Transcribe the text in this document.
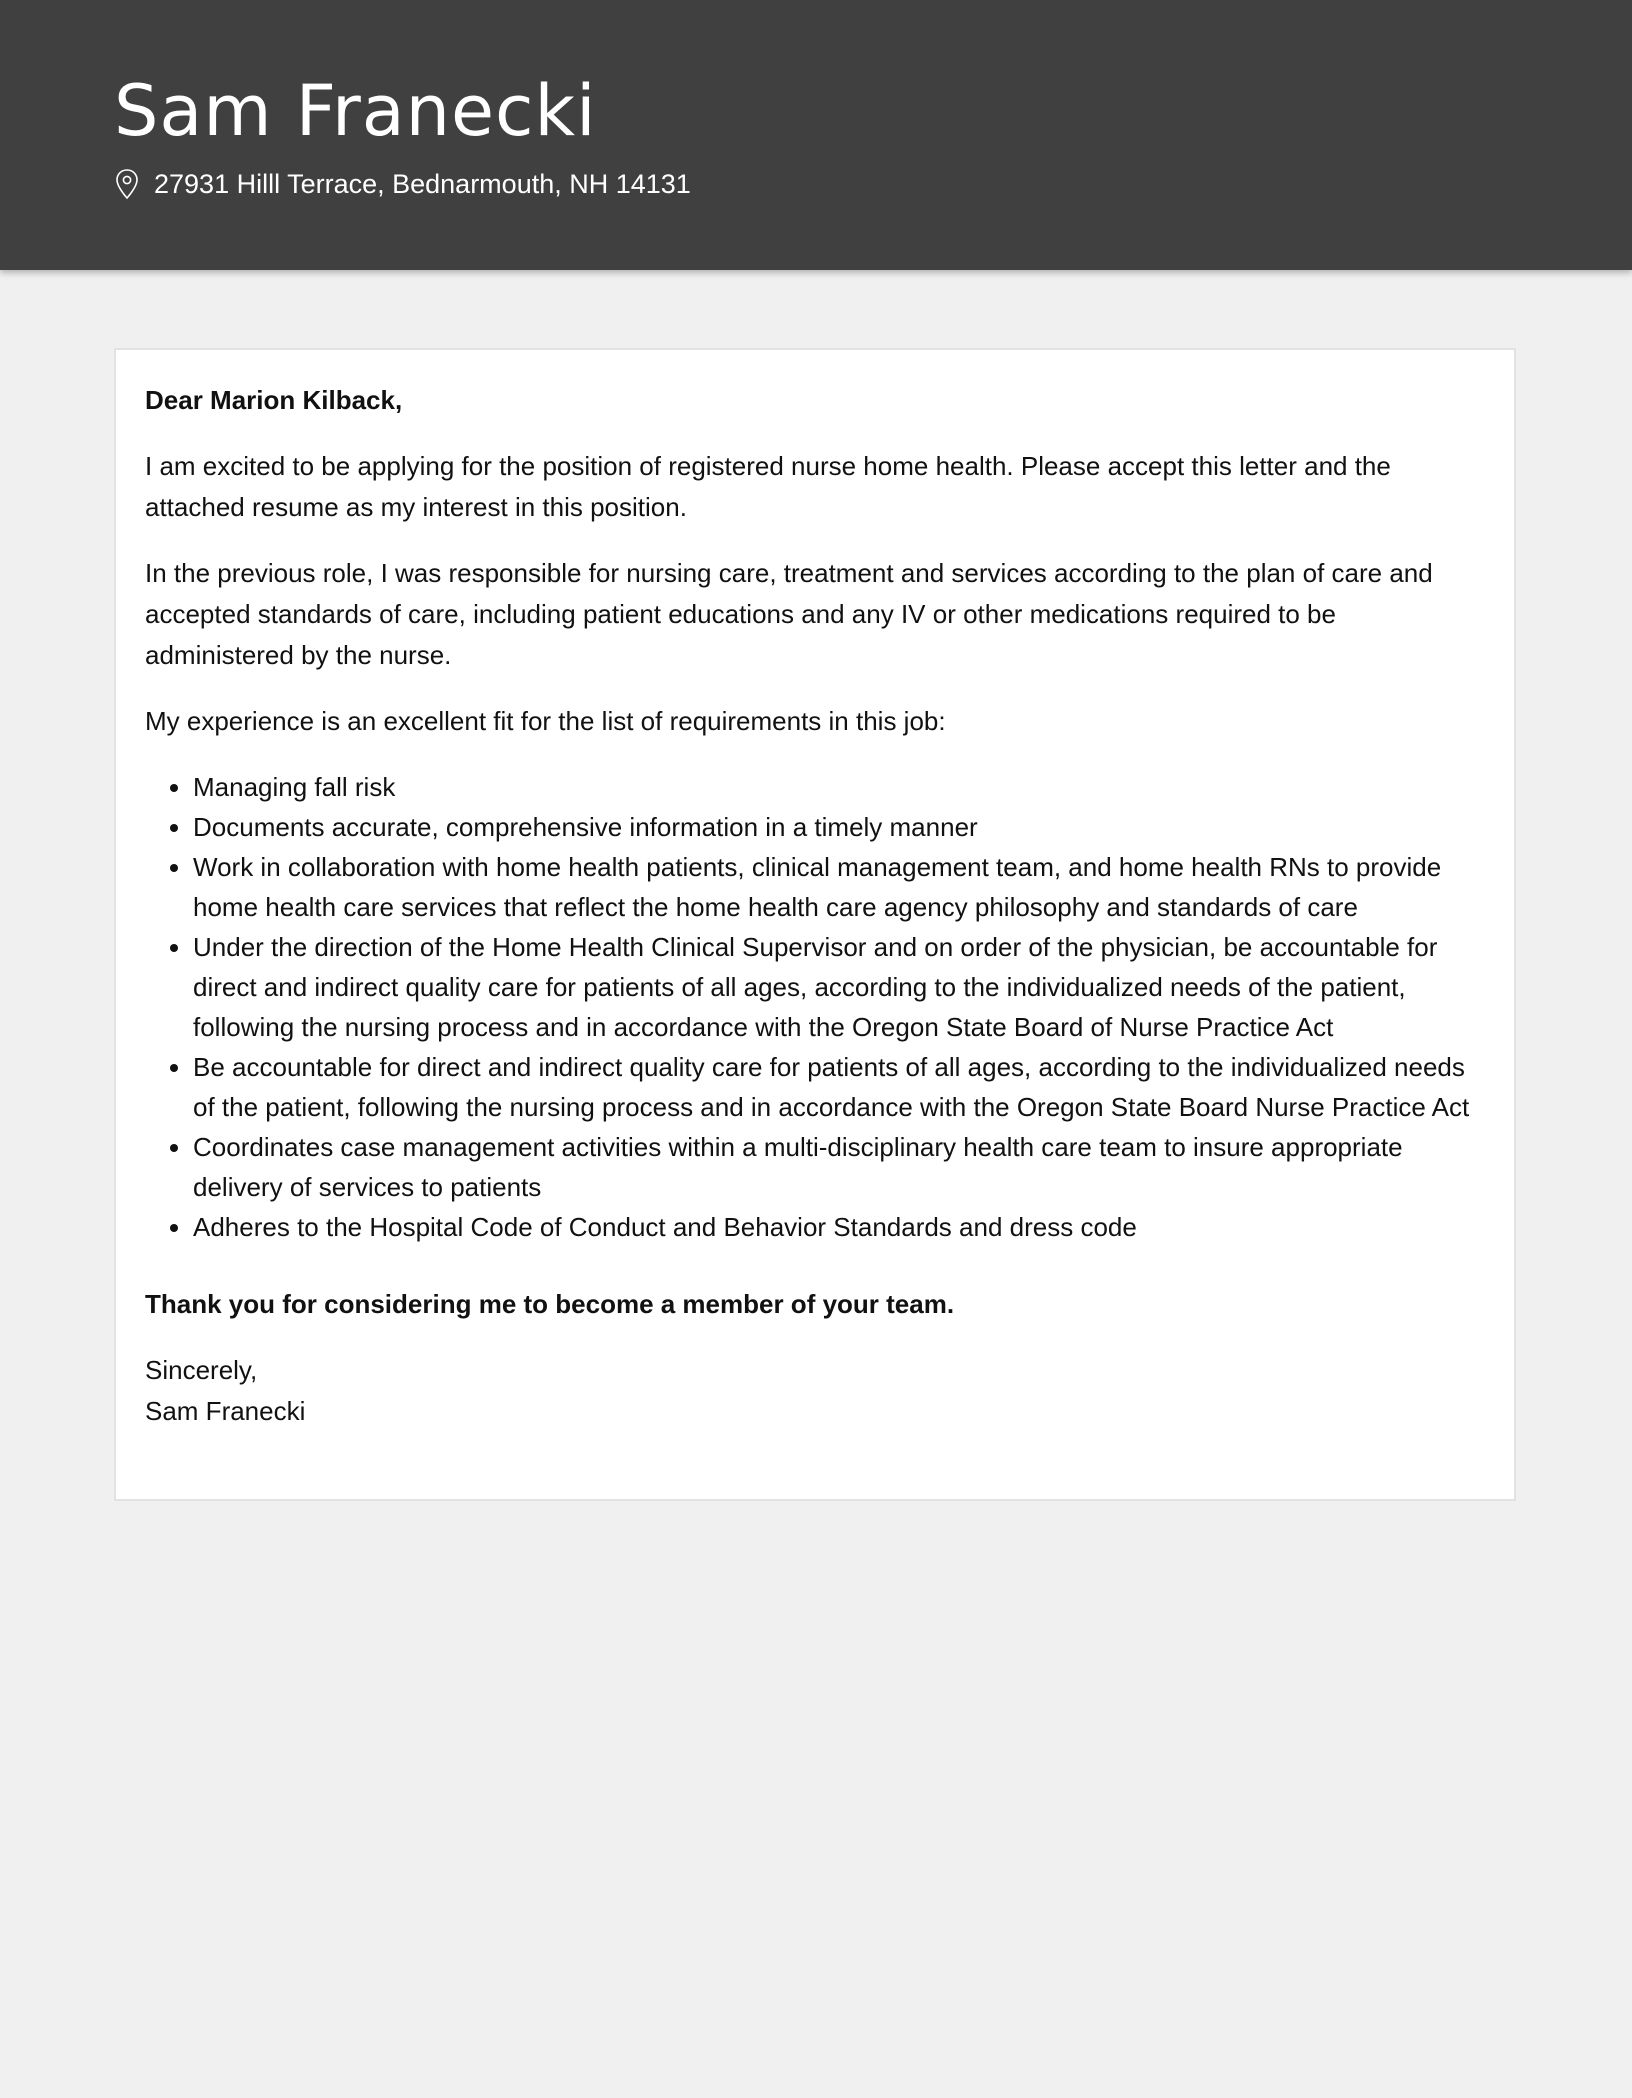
Sam Franecki
27931 Hilll Terrace, Bednarmouth, NH 14131

Dear Marion Kilback,

I am excited to be applying for the position of registered nurse home health. Please accept this letter and the attached resume as my interest in this position.

In the previous role, I was responsible for nursing care, treatment and services according to the plan of care and accepted standards of care, including patient educations and any IV or other medications required to be administered by the nurse.

My experience is an excellent fit for the list of requirements in this job:

• Managing fall risk
• Documents accurate, comprehensive information in a timely manner
• Work in collaboration with home health patients, clinical management team, and home health RNs to provide home health care services that reflect the home health care agency philosophy and standards of care
• Under the direction of the Home Health Clinical Supervisor and on order of the physician, be accountable for direct and indirect quality care for patients of all ages, according to the individualized needs of the patient, following the nursing process and in accordance with the Oregon State Board of Nurse Practice Act
• Be accountable for direct and indirect quality care for patients of all ages, according to the individualized needs of the patient, following the nursing process and in accordance with the Oregon State Board Nurse Practice Act
• Coordinates case management activities within a multi-disciplinary health care team to insure appropriate delivery of services to patients
• Adheres to the Hospital Code of Conduct and Behavior Standards and dress code

Thank you for considering me to become a member of your team.

Sincerely,
Sam Franecki
